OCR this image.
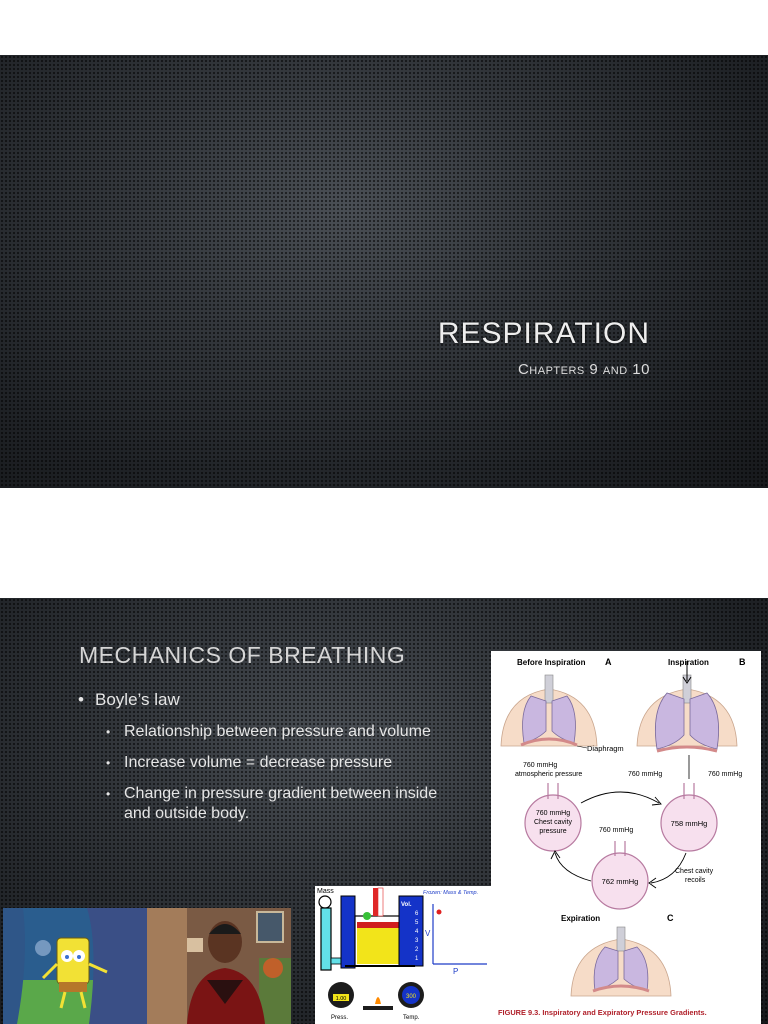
RESPIRATION
Chapters 9 and 10
MECHANICS OF BREATHING
• Boyle’s law
• Relationship between pressure and volume
• Increase volume = decrease pressure
• Change in pressure gradient between inside and outside body.
Before Inspiration A	Inspiration	B
Diaphragm
760 mmHg
atmospheric pressure	760 mmHg	760 mmHg
760 mmHg
Chest cavity
pressure
758 mmHg
760 mmHg
762 mmHg
Chest cavity
recoils
Expiration	C
FIGURE 9.3. Inspiratory and Expiratory Pressure Gradients.
Mass	Frozen: Mass & Temp.
Vol.
6
5
4
3
2
1
V
P
1.00
Press.
300
Temp.
